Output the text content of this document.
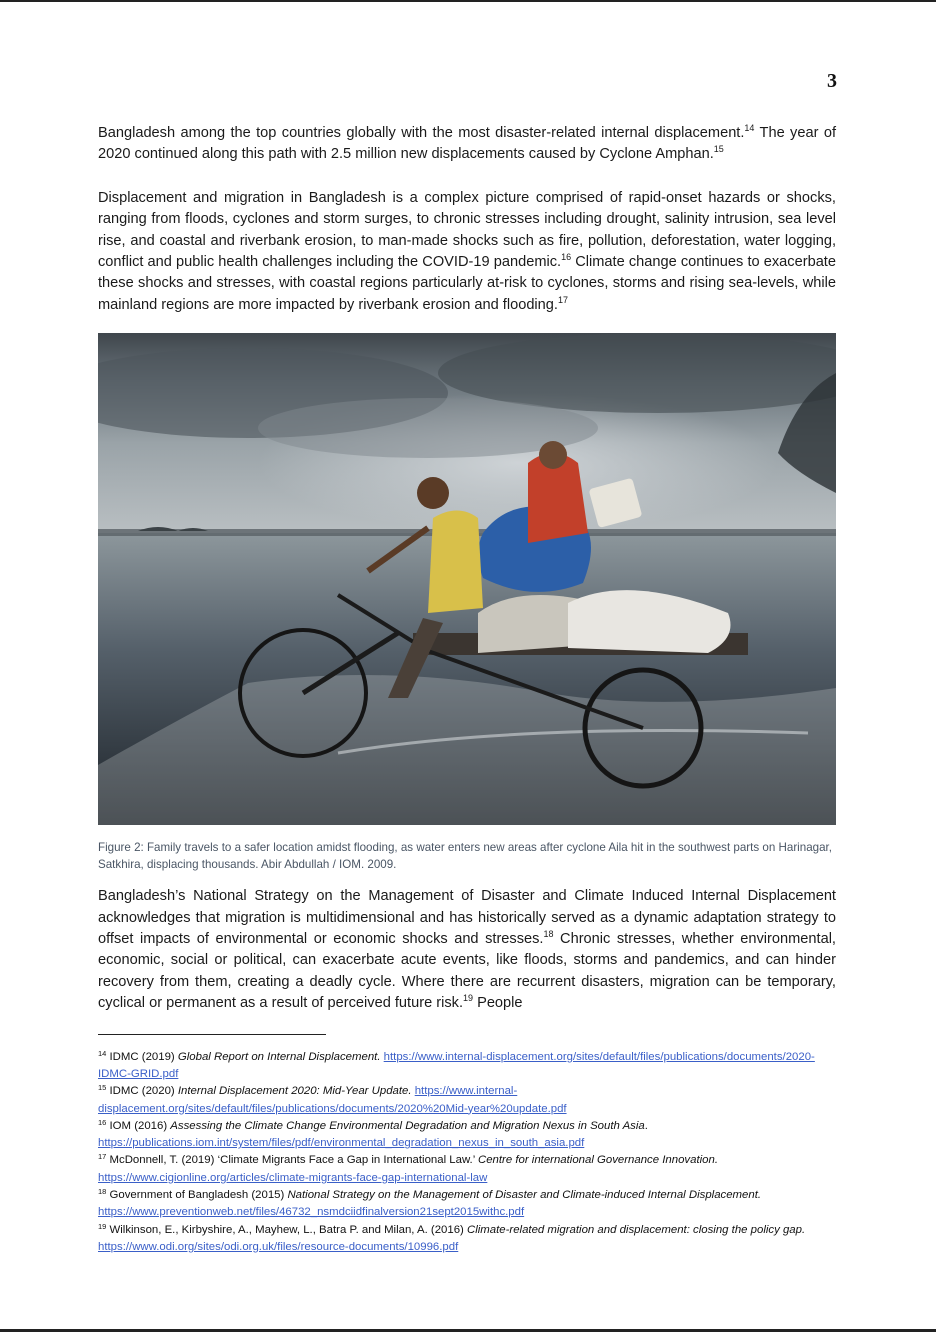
3

Bangladesh among the top countries globally with the most disaster-related internal displacement.$^{14}$ The year of 2020 continued along this path with 2.5 million new displacements caused by Cyclone Amphan.$^{15}$

Displacement and migration in Bangladesh is a complex picture comprised of rapid-onset hazards or shocks, ranging from floods, cyclones and storm surges, to chronic stresses including drought, salinity intrusion, sea level rise, and coastal and riverbank erosion, to man-made shocks such as fire, pollution, deforestation, water logging, conflict and public health challenges including the COVID-19 pandemic.$^{16}$ Climate change continues to exacerbate these shocks and stresses, with coastal regions particularly at-risk to cyclones, storms and rising sea-levels, while mainland regions are more impacted by riverbank erosion and flooding.$^{17}$

Figure 2: Family travels to a safer location amidst flooding, as water enters new areas after cyclone Aila hit in the southwest parts on Harinagar, Satkhira, displacing thousands. Abir Abdullah / IOM. 2009.

Bangladesh’s National Strategy on the Management of Disaster and Climate Induced Internal Displacement acknowledges that migration is multidimensional and has historically served as a dynamic adaptation strategy to offset impacts of environmental or economic shocks and stresses.$^{18}$ Chronic stresses, whether environmental, economic, social or political, can exacerbate acute events, like floods, storms and pandemics, and can hinder recovery from them, creating a deadly cycle. Where there are recurrent disasters, migration can be temporary, cyclical or permanent as a result of perceived future risk.$^{19}$ People

$^{14}$ IDMC (2019) Global Report on Internal Displacement. https://www.internal-displacement.org/sites/default/files/publications/documents/2020-IDMC-GRID.pdf

$^{15}$ IDMC (2020) Internal Displacement 2020: Mid-Year Update. https://www.internal-displacement.org/sites/default/files/publications/documents/2020%20Mid-year%20update.pdf

$^{16}$ IOM (2016) Assessing the Climate Change Environmental Degradation and Migration Nexus in South Asia. https://publications.iom.int/system/files/pdf/environmental_degradation_nexus_in_south_asia.pdf

$^{17}$ McDonnell, T. (2019) ‘Climate Migrants Face a Gap in International Law.’ Centre for international Governance Innovation. https://www.cigionline.org/articles/climate-migrants-face-gap-international-law

$^{18}$ Government of Bangladesh (2015) National Strategy on the Management of Disaster and Climate-induced Internal Displacement. https://www.preventionweb.net/files/46732_nsmdciidfinalversion21sept2015withc.pdf

$^{19}$ Wilkinson, E., Kirbyshire, A., Mayhew, L., Batra P. and Milan, A. (2016) Climate-related migration and displacement: closing the policy gap. https://www.odi.org/sites/odi.org.uk/files/resource-documents/10996.pdf
